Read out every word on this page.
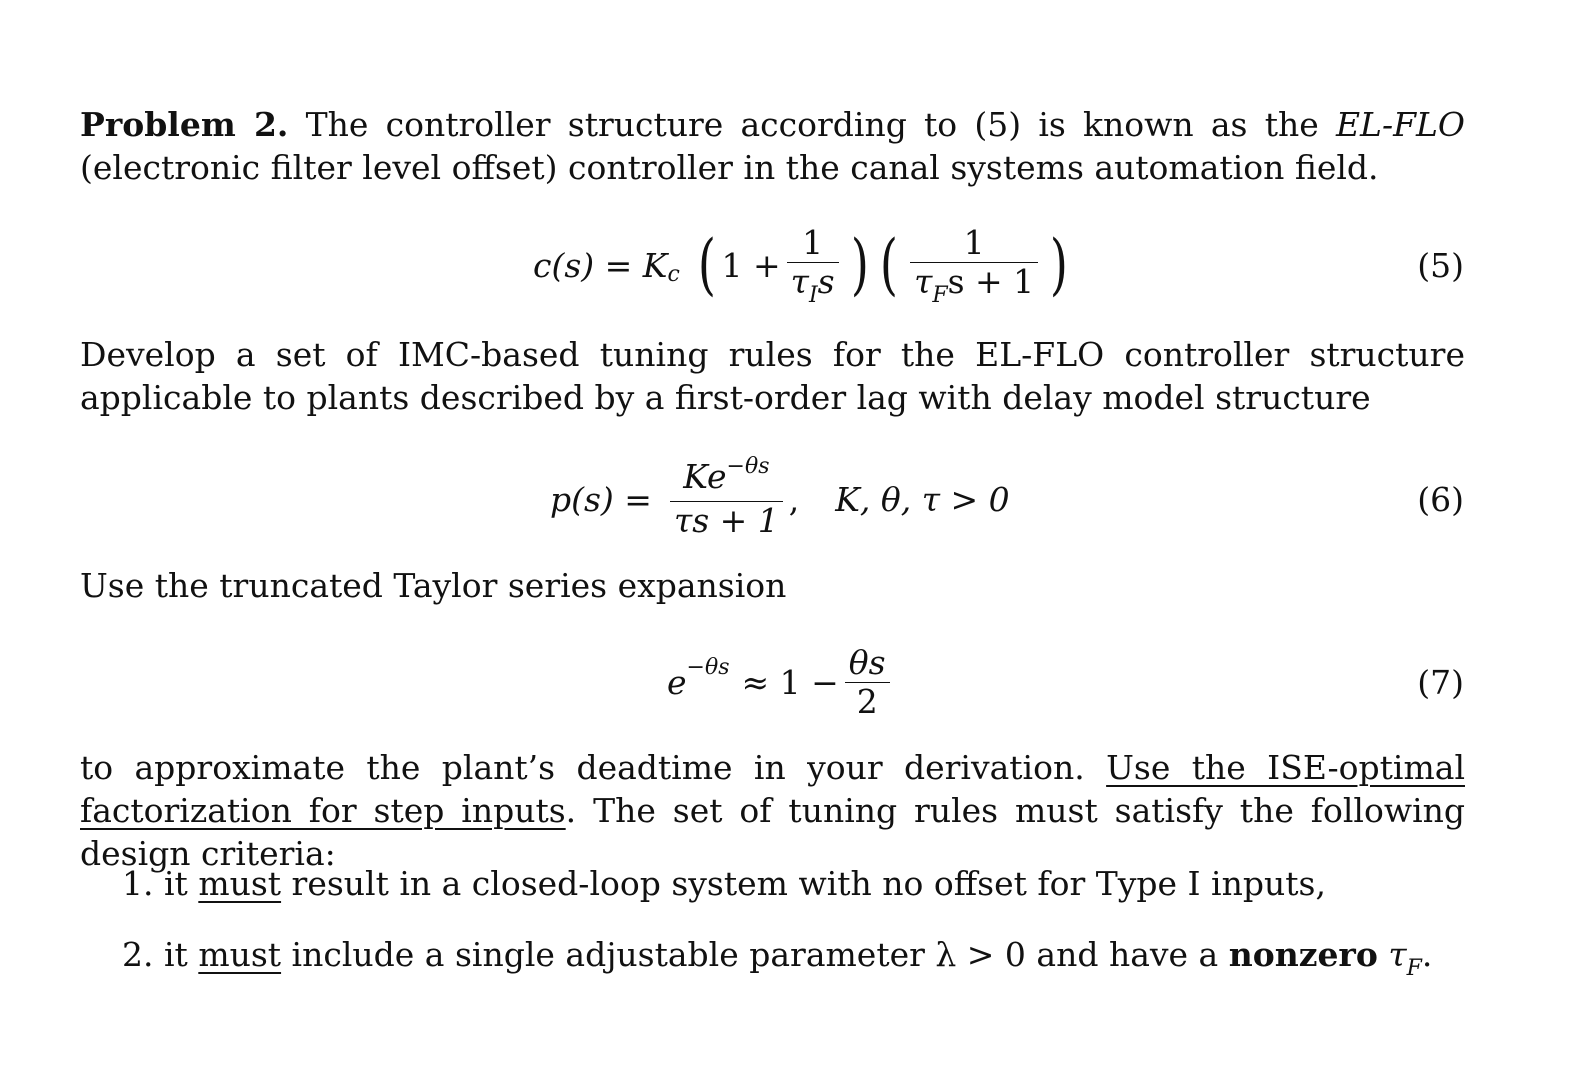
Problem 2. The controller structure according to (5) is known as the EL-FLO (electronic filter level offset) controller in the canal systems automation field.

c(s) = K c ( $1 + \frac{1}{\tau_Is}$ ) ( $\frac{1}{\tau_Fs + 1}$ )	(5)

Develop a set of IMC-based tuning rules for the EL-FLO controller structure applicable to plants described by a first-order lag with delay model structure

$p(s) = \frac{Ke^{-\theta s}}{\tau s + 1}$ , K, θ, τ > 0	(6)

Use the truncated Taylor series expansion

$e -\theta s \approx 1 - \frac{\theta s}{2}$	(7)

to approximate the plant’s deadtime in your derivation. Use the ISE-optimal factorization for step inputs. The set of tuning rules must satisfy the following design criteria:

1. it must result in a closed-loop system with no offset for Type I inputs,
2. it must include a single adjustable parameter λ > 0 and have a nonzero $\tau_F$.
